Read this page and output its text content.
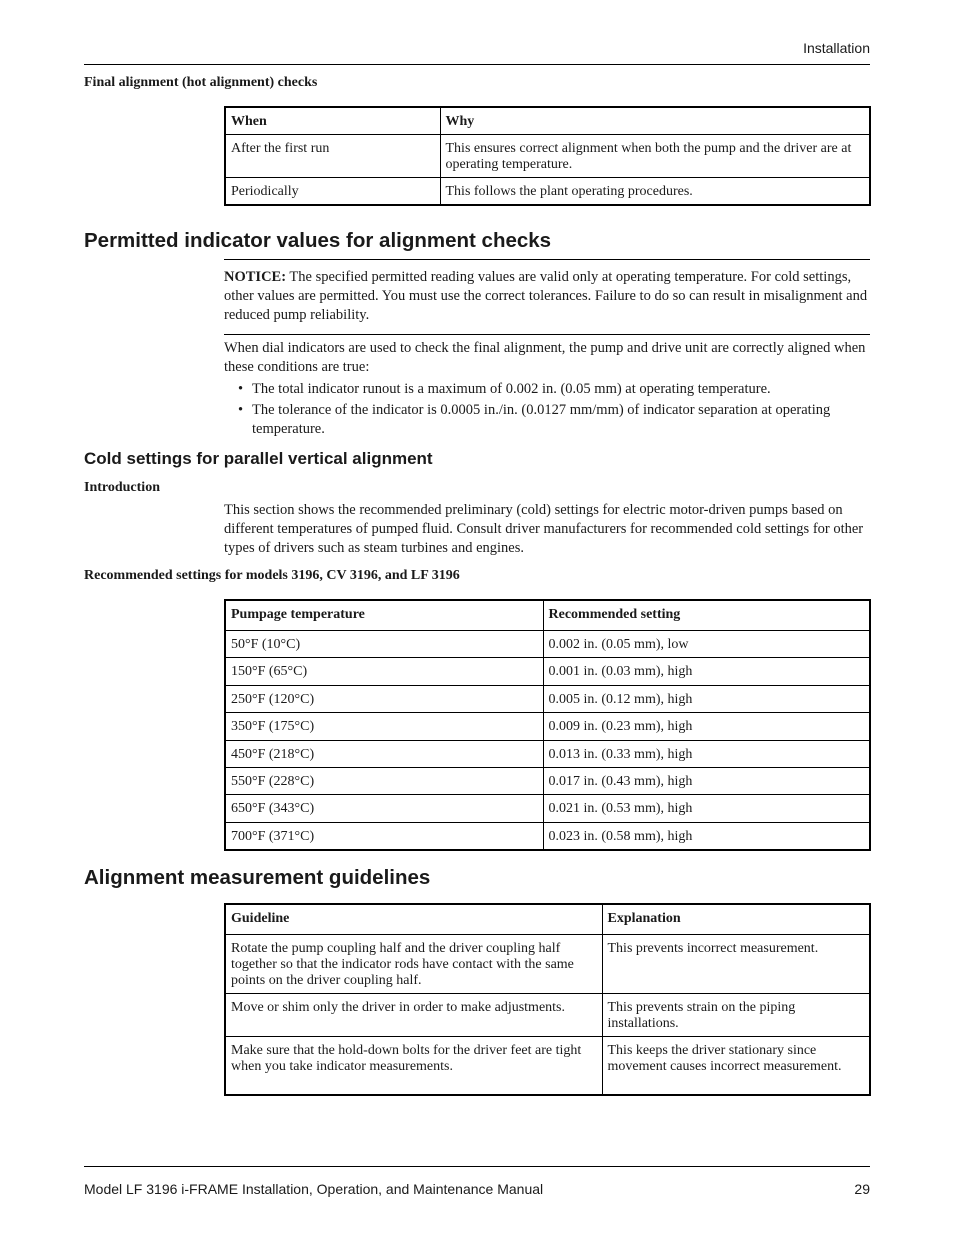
Installation
Final alignment (hot alignment) checks
When	Why
After the first run	This ensures correct alignment when both the pump and the driver are at operating temperature.
Periodically	This follows the plant operating procedures.
Permitted indicator values for alignment checks

NOTICE: The specified permitted reading values are valid only at operating temperature. For cold settings, other values are permitted. You must use the correct tolerances. Failure to do so can result in misalignment and reduced pump reliability.

When dial indicators are used to check the final alignment, the pump and drive unit are correctly aligned when these conditions are true:

• The total indicator runout is a maximum of 0.002 in. (0.05 mm) at operating temperature.
• The tolerance of the indicator is 0.0005 in./in. (0.0127 mm/mm) of indicator separation at operating temperature.
Cold settings for parallel vertical alignment
Introduction

This section shows the recommended preliminary (cold) settings for electric motor-driven pumps based on different temperatures of pumped fluid. Consult driver manufacturers for recommended cold settings for other types of drivers such as steam turbines and engines.

Recommended settings for models 3196, CV 3196, and LF 3196
Pumpage temperature	Recommended setting
50°F (10°C)	0.002 in. (0.05 mm), low
150°F (65°C)	0.001 in. (0.03 mm), high
250°F (120°C)	0.005 in. (0.12 mm), high
350°F (175°C)	0.009 in. (0.23 mm), high
450°F (218°C)	0.013 in. (0.33 mm), high
550°F (228°C)	0.017 in. (0.43 mm), high
650°F (343°C)	0.021 in. (0.53 mm), high
700°F (371°C)	0.023 in. (0.58 mm), high
Alignment measurement guidelines
Guideline	Explanation
Rotate the pump coupling half and the driver coupling half together so that the indicator rods have contact with the same points on the driver coupling half.	This prevents incorrect measurement.
Move or shim only the driver in order to make adjustments.	This prevents strain on the piping installations.
Make sure that the hold-down bolts for the driver feet are tight when you take indicator measurements.	This keeps the driver stationary since movement causes incorrect measurement.
Model LF 3196 i-FRAME Installation, Operation, and Maintenance Manual	29
